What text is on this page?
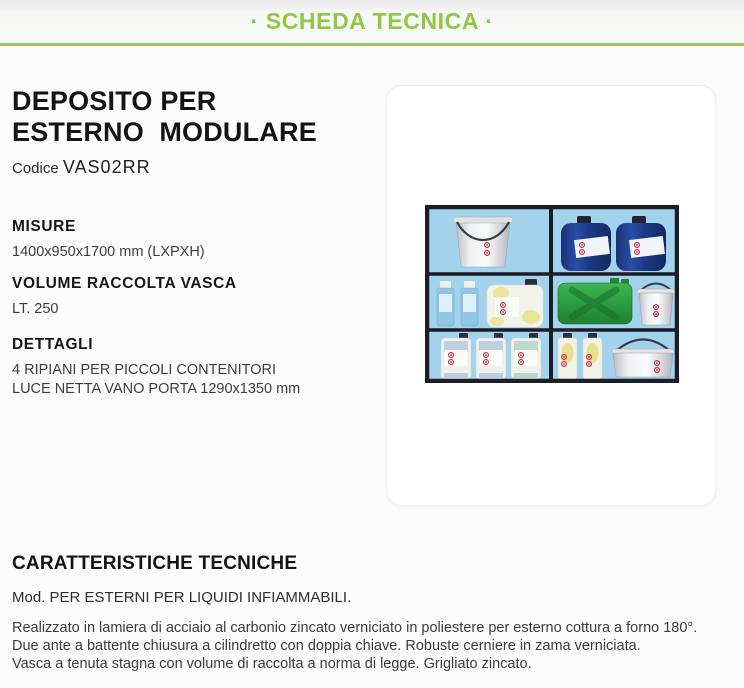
· SCHEDA TECNICA ·
DEPOSITO PER
ESTERNO  MODULARE
Codice VAS02RR
MISURE
1400x950x1700 mm (LXPXH)
VOLUME RACCOLTA VASCA
LT. 250
DETTAGLI
4 RIPIANI PER PICCOLI CONTENITORI
LUCE NETTA VANO PORTA 1290x1350 mm
CARATTERISTICHE TECNICHE
Mod. PER ESTERNI PER LIQUIDI INFIAMMABILI.
Realizzato in lamiera di acciaio al carbonio zincato verniciato in poliestere per esterno cottura a forno 180°.
Due ante a battente chiusura a cilindretto con doppia chiave. Robuste cerniere in zama verniciata.
Vasca a tenuta stagna con volume di raccolta a norma di legge. Grigliato zincato.
